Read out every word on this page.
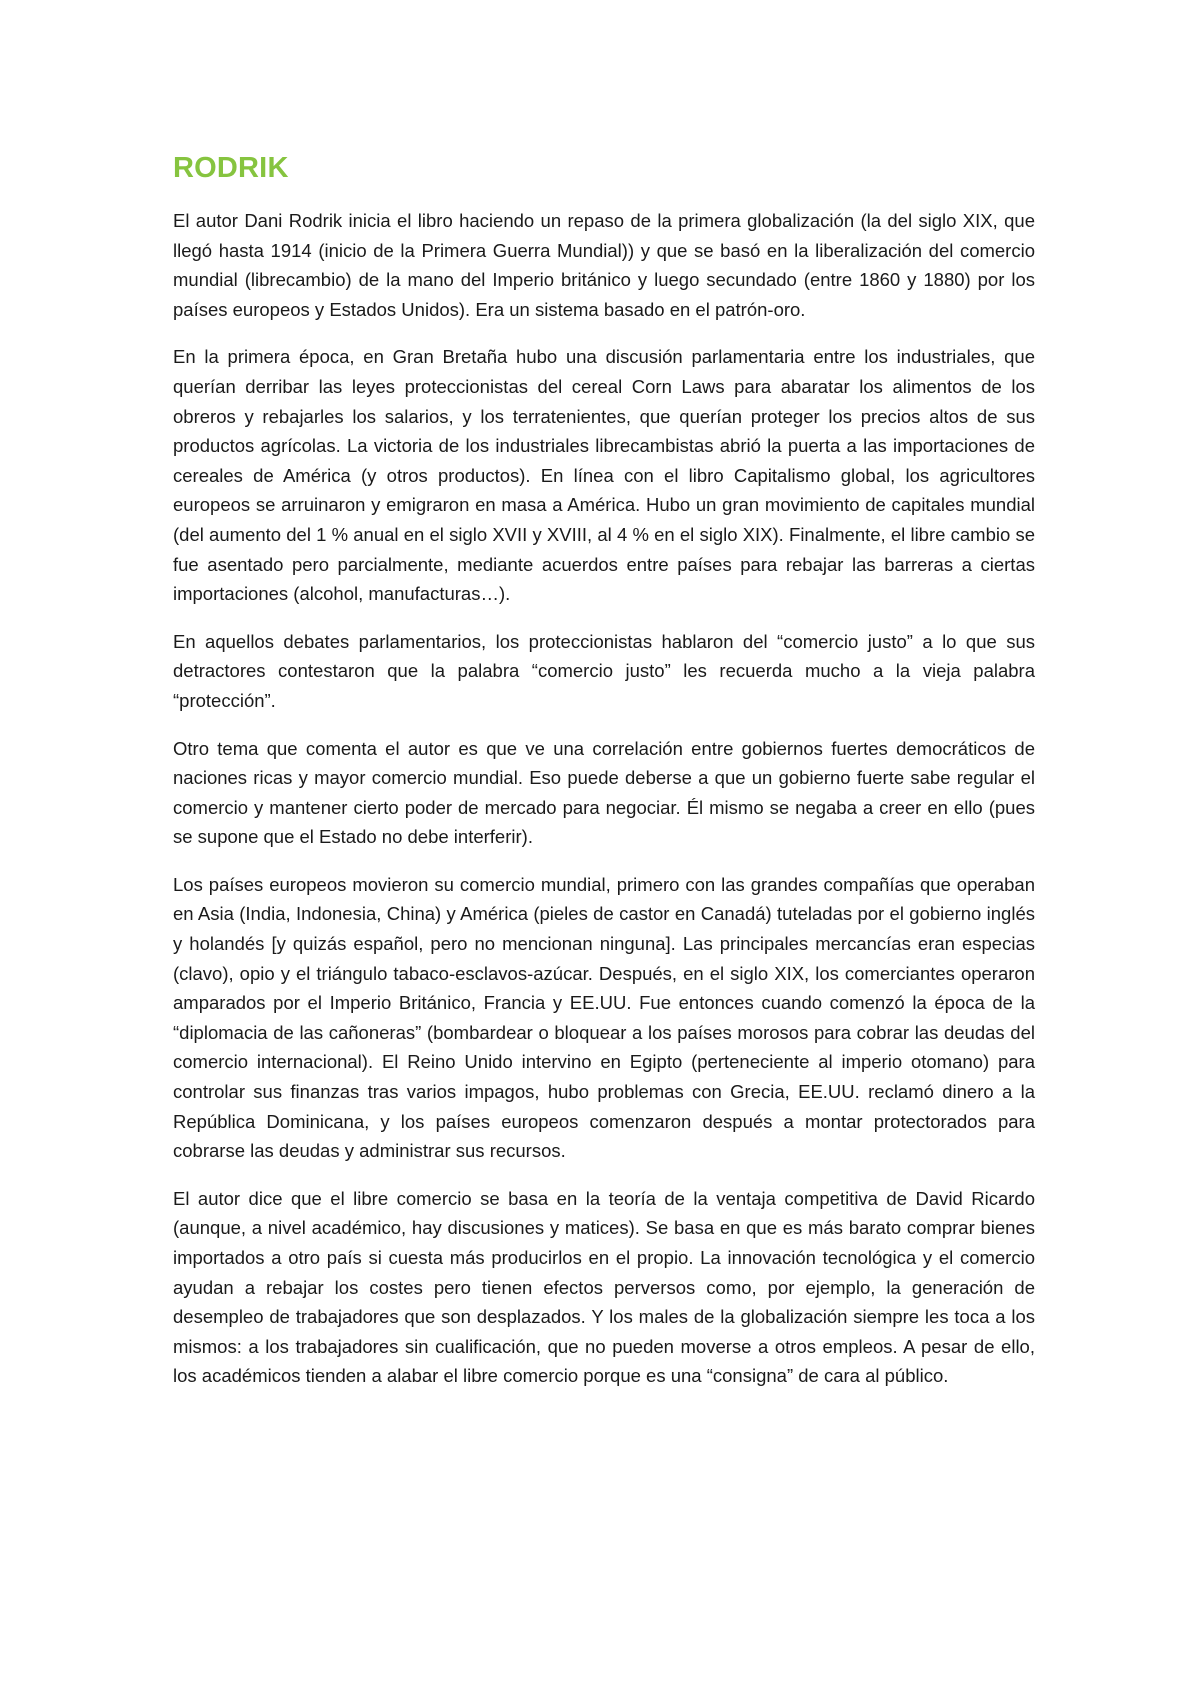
RODRIK

El autor Dani Rodrik inicia el libro haciendo un repaso de la primera globalización (la del siglo XIX, que llegó hasta 1914 (inicio de la Primera Guerra Mundial)) y que se basó en la liberalización del comercio mundial (librecambio) de la mano del Imperio británico y luego secundado (entre 1860 y 1880) por los países europeos y Estados Unidos). Era un sistema basado en el patrón-oro.

En la primera época, en Gran Bretaña hubo una discusión parlamentaria entre los industriales, que querían derribar las leyes proteccionistas del cereal Corn Laws para abaratar los alimentos de los obreros y rebajarles los salarios, y los terratenientes, que querían proteger los precios altos de sus productos agrícolas. La victoria de los industriales librecambistas abrió la puerta a las importaciones de cereales de América (y otros productos). En línea con el libro Capitalismo global, los agricultores europeos se arruinaron y emigraron en masa a América. Hubo un gran movimiento de capitales mundial (del aumento del 1 % anual en el siglo XVII y XVIII, al 4 % en el siglo XIX). Finalmente, el libre cambio se fue asentado pero parcialmente, mediante acuerdos entre países para rebajar las barreras a ciertas importaciones (alcohol, manufacturas…).

En aquellos debates parlamentarios, los proteccionistas hablaron del “comercio justo” a lo que sus detractores contestaron que la palabra “comercio justo” les recuerda mucho a la vieja palabra “protección”.

Otro tema que comenta el autor es que ve una correlación entre gobiernos fuertes democráticos de naciones ricas y mayor comercio mundial. Eso puede deberse a que un gobierno fuerte sabe regular el comercio y mantener cierto poder de mercado para negociar. Él mismo se negaba a creer en ello (pues se supone que el Estado no debe interferir).

Los países europeos movieron su comercio mundial, primero con las grandes compañías que operaban en Asia (India, Indonesia, China) y América (pieles de castor en Canadá) tuteladas por el gobierno inglés y holandés [y quizás español, pero no mencionan ninguna]. Las principales mercancías eran especias (clavo), opio y el triángulo tabaco-esclavos-azúcar. Después, en el siglo XIX, los comerciantes operaron amparados por el Imperio Británico, Francia y EE.UU. Fue entonces cuando comenzó la época de la “diplomacia de las cañoneras” (bombardear o bloquear a los países morosos para cobrar las deudas del comercio internacional). El Reino Unido intervino en Egipto (perteneciente al imperio otomano) para controlar sus finanzas tras varios impagos, hubo problemas con Grecia, EE.UU. reclamó dinero a la República Dominicana, y los países europeos comenzaron después a montar protectorados para cobrarse las deudas y administrar sus recursos.

El autor dice que el libre comercio se basa en la teoría de la ventaja competitiva de David Ricardo (aunque, a nivel académico, hay discusiones y matices). Se basa en que es más barato comprar bienes importados a otro país si cuesta más producirlos en el propio. La innovación tecnológica y el comercio ayudan a rebajar los costes pero tienen efectos perversos como, por ejemplo, la generación de desempleo de trabajadores que son desplazados. Y los males de la globalización siempre les toca a los mismos: a los trabajadores sin cualificación, que no pueden moverse a otros empleos. A pesar de ello, los académicos tienden a alabar el libre comercio porque es una “consigna” de cara al público.
